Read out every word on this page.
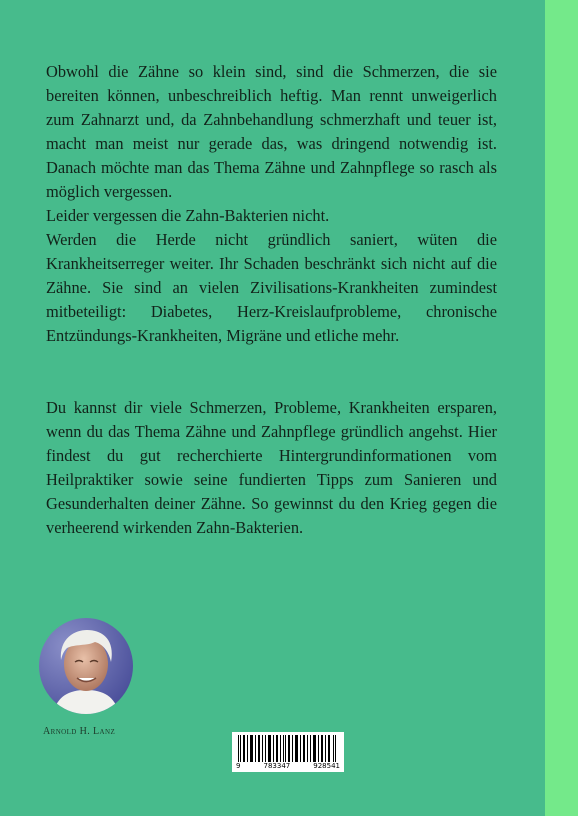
Obwohl die Zähne so klein sind, sind die Schmerzen, die sie bereiten können, unbeschreiblich heftig. Man rennt unweigerlich zum Zahnarzt und, da Zahnbehandlung schmerzhaft und teuer ist, macht man meist nur gerade das, was dringend notwendig ist. Danach möchte man das Thema Zähne und Zahnpflege so rasch als möglich vergessen.

Leider vergessen die Zahn-Bakterien nicht.

Werden die Herde nicht gründlich saniert, wüten die Krankheitserreger weiter. Ihr Schaden beschränkt sich nicht auf die Zähne. Sie sind an vielen Zivilisations-Krankheiten zumindest mitbeteiligt: Diabetes, Herz-Kreislaufprobleme, chronische Entzündungs-Krankheiten, Migräne und etliche mehr.

Du kannst dir viele Schmerzen, Probleme, Krankheiten ersparen, wenn du das Thema Zähne und Zahnpflege gründlich angehst. Hier findest du gut recherchierte Hintergrundinformationen vom Heilpraktiker sowie seine fundierten Tipps zum Sanieren und Gesunderhalten deiner Zähne. So gewinnst du den Krieg gegen die verheerend wirkenden Zahn-Bakterien.

Arnold H. Lanz
9	783347	928541
